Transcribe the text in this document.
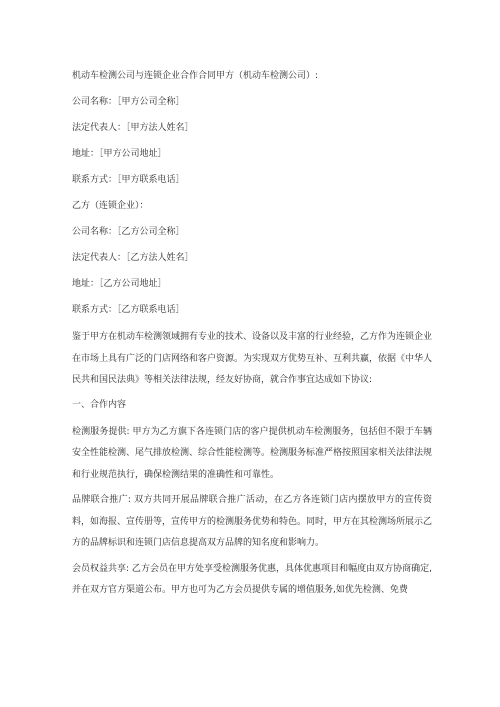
机动车检测公司与连锁企业合作合同甲方（机动车检测公司）:
公司名称：［甲方公司全称］
法定代表人：［甲方法人姓名］
地址：［甲方公司地址］
联系方式：［甲方联系电话］
乙方（连锁企业）：
公司名称：［乙方公司全称］
法定代表人：［乙方法人姓名］
地址：［乙方公司地址］
联系方式：［乙方联系电话］
鉴于甲方在机动车检测领域拥有专业的技术、设备以及丰富的行业经验，乙方作为连锁企业在市场上具有广泛的门店网络和客户资源。为实现双方优势互补、互利共赢，依据《中华人民共和国民法典》等相关法律法规，经友好协商，就合作事宜达成如下协议:
一、合作内容
检测服务提供: 甲方为乙方旗下各连锁门店的客户提供机动车检测服务，包括但不限于车辆安全性能检测、尾气排放检测、综合性能检测等。检测服务标准严格按照国家相关法律法规和行业规范执行，确保检测结果的准确性和可靠性。
品牌联合推广: 双方共同开展品牌联合推广活动，在乙方各连锁门店内摆放甲方的宣传资料，如海报、宣传册等，宣传甲方的检测服务优势和特色。同时，甲方在其检测场所展示乙方的品牌标识和连锁门店信息提高双方品牌的知名度和影响力。
会员权益共享: 乙方会员在甲方处享受检测服务优惠，具体优惠项目和幅度由双方协商确定,并在双方官方渠道公布。甲方也可为乙方会员提供专属的增值服务,如优先检测、免费
